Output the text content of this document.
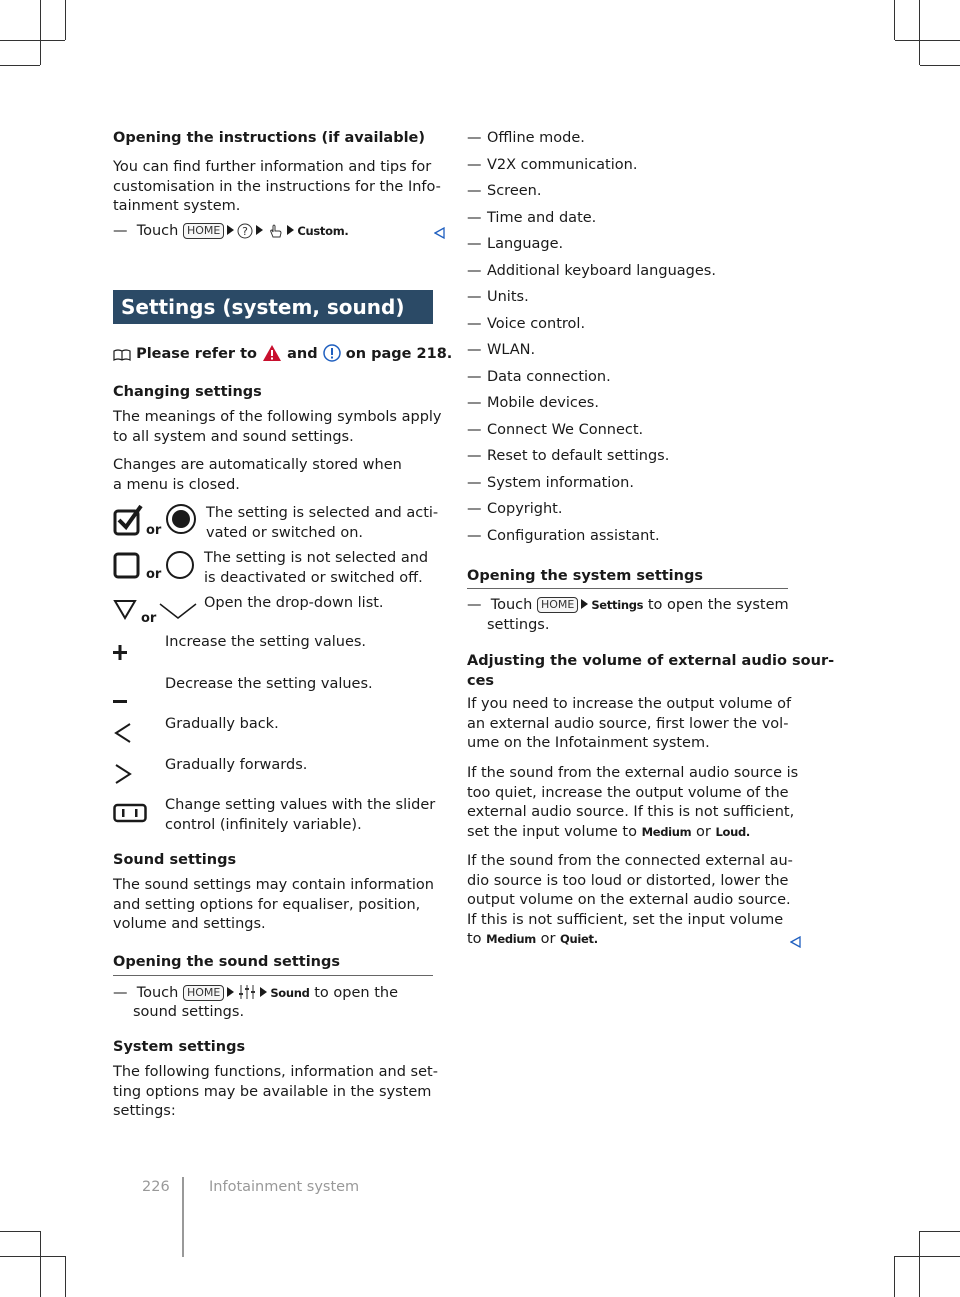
Opening the instructions (if available)
You can find further information and tips for
customisation in the instructions for the Info-
tainment system.
— Touch HOME ?	Custom.
Settings (system, sound)
Please refer to and on page 218.
Changing settings
The meanings of the following symbols apply
to all system and sound settings.
Changes are automatically stored when
a menu is closed.
or
The setting is selected and acti-
vated or switched on.
or
The setting is not selected and
is deactivated or switched off.
or
Open the drop-down list.
Increase the setting values.
Decrease the setting values.
Gradually back.
Gradually forwards.
Change setting values with the slider
control (infinitely variable).
Sound settings
The sound settings may contain information
and setting options for equaliser, position,
volume and settings.
Opening the sound settings
— Touch HOME	Sound to open the
sound settings.
System settings
The following functions, information and set-
ting options may be available in the system
settings:
— Offline mode.
— V2X communication.
— Screen.
— Time and date.
— Language.
— Additional keyboard languages.
— Units.
— Voice control.
— WLAN.
— Data connection.
— Mobile devices.
— Connect We Connect.
— Reset to default settings.
— System information.
— Copyright.
— Configuration assistant.
Opening the system settings
— Touch HOME Settings to open the system
settings.
Adjusting the volume of external audio sour-
ces
If you need to increase the output volume of
an external audio source, first lower the vol-
ume on the Infotainment system.
If the sound from the external audio source is
too quiet, increase the output volume of the
external audio source. If this is not sufficient,
set the input volume to Medium or Loud.
If the sound from the connected external au-
dio source is too loud or distorted, lower the
output volume on the external audio source.
If this is not sufficient, set the input volume
to Medium or Quiet.
226	Infotainment system
